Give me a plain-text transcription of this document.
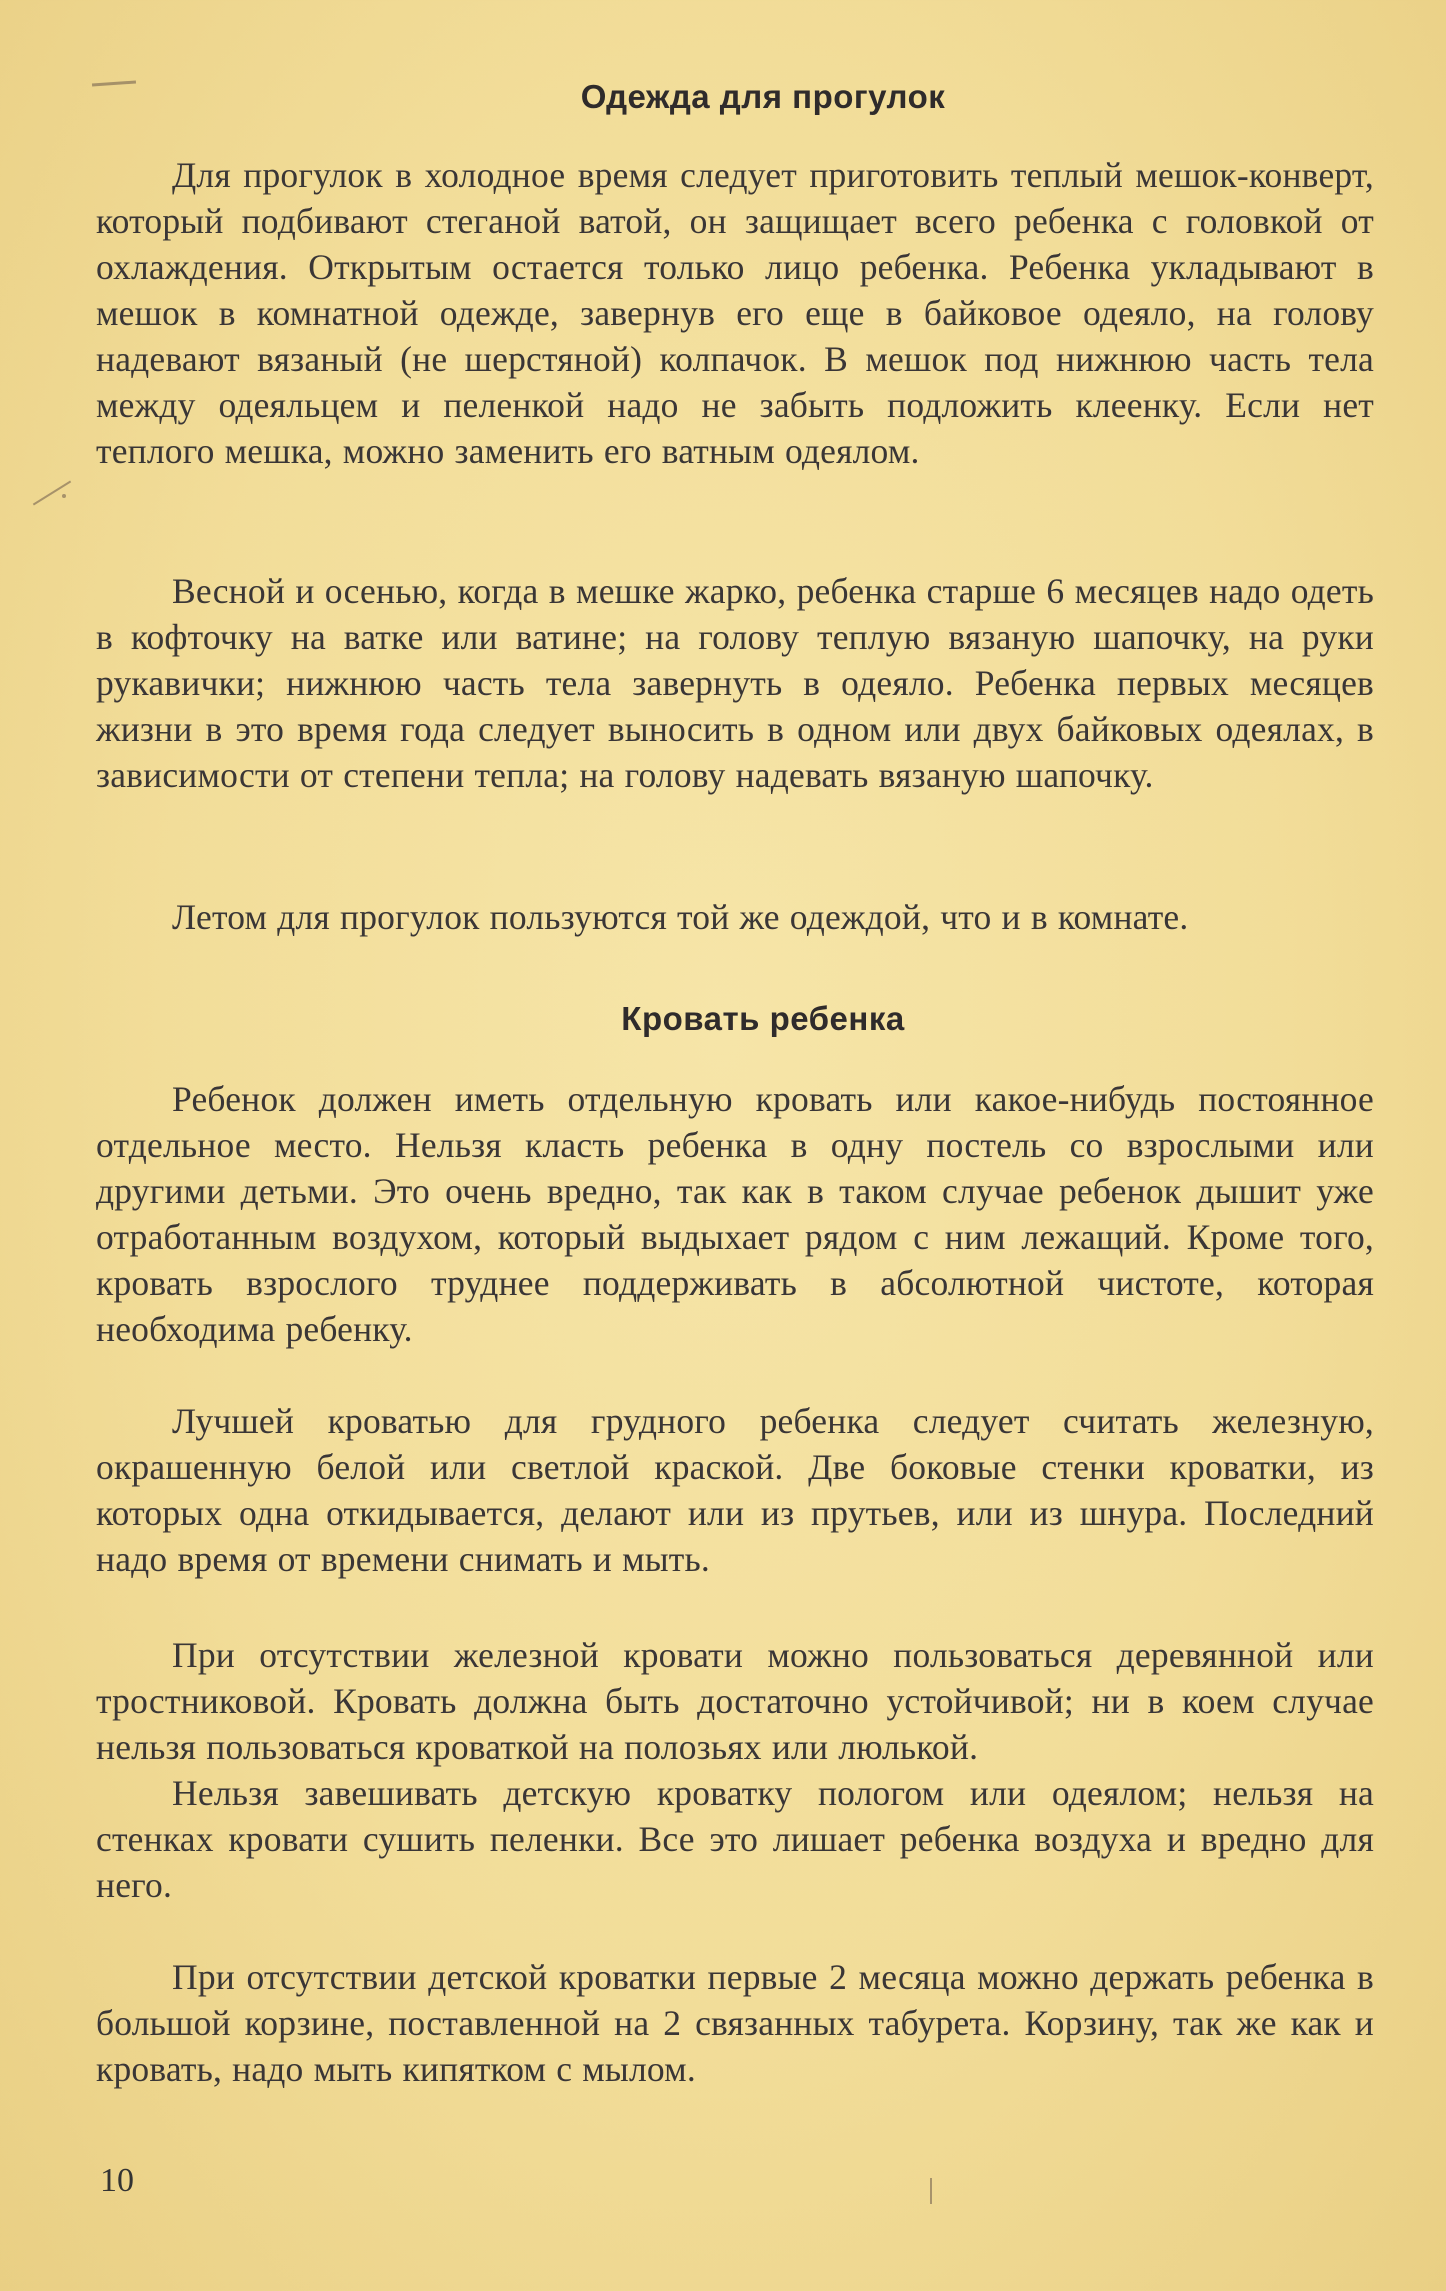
Одежда для прогулок

Для прогулок в холодное время следует приготовить теплый мешок-конверт, который подбивают стеганой ватой, он защищает всего ребенка с головкой от охлаждения. Открытым остается только лицо ребенка. Ребенка укладывают в мешок в комнатной одежде, завернув его еще в байковое одеяло, на голову надевают вязаный (не шерстяной) колпачок. В мешок под нижнюю часть тела между одеяльцем и пеленкой надо не забыть подложить клеенку. Если нет теплого мешка, можно заменить его ватным одеялом.

Весной и осенью, когда в мешке жарко, ребенка старше 6 месяцев надо одеть в кофточку на ватке или ватине; на голову теплую вязаную шапочку, на руки рукавички; нижнюю часть тела завернуть в одеяло. Ребенка первых месяцев жизни в это время года следует выносить в одном или двух байковых одеялах, в зависимости от степени тепла; на голову надевать вязаную шапочку.

Летом для прогулок пользуются той же одеждой, что и в комнате.

Кровать ребенка

Ребенок должен иметь отдельную кровать или какое-нибудь постоянное отдельное место. Нельзя класть ребенка в одну постель со взрослыми или другими детьми. Это очень вредно, так как в таком случае ребенок дышит уже отработанным воздухом, который выдыхает рядом с ним лежащий. Кроме того, кровать взрослого труднее поддерживать в абсолютной чистоте, которая необходима ребенку.

Лучшей кроватью для грудного ребенка следует считать железную, окрашенную белой или светлой краской. Две боковые стенки кроватки, из которых одна откидывается, делают или из прутьев, или из шнура. Последний надо время от времени снимать и мыть.

При отсутствии железной кровати можно пользоваться деревянной или тростниковой. Кровать должна быть достаточно устойчивой; ни в коем случае нельзя пользоваться кроваткой на полозьях или люлькой.

Нельзя завешивать детскую кроватку пологом или одеялом; нельзя на стенках кровати сушить пеленки. Все это лишает ребенка воздуха и вредно для него.

При отсутствии детской кроватки первые 2 месяца можно держать ребенка в большой корзине, поставленной на 2 связанных табурета. Корзину, так же как и кровать, надо мыть кипятком с мылом.

10
